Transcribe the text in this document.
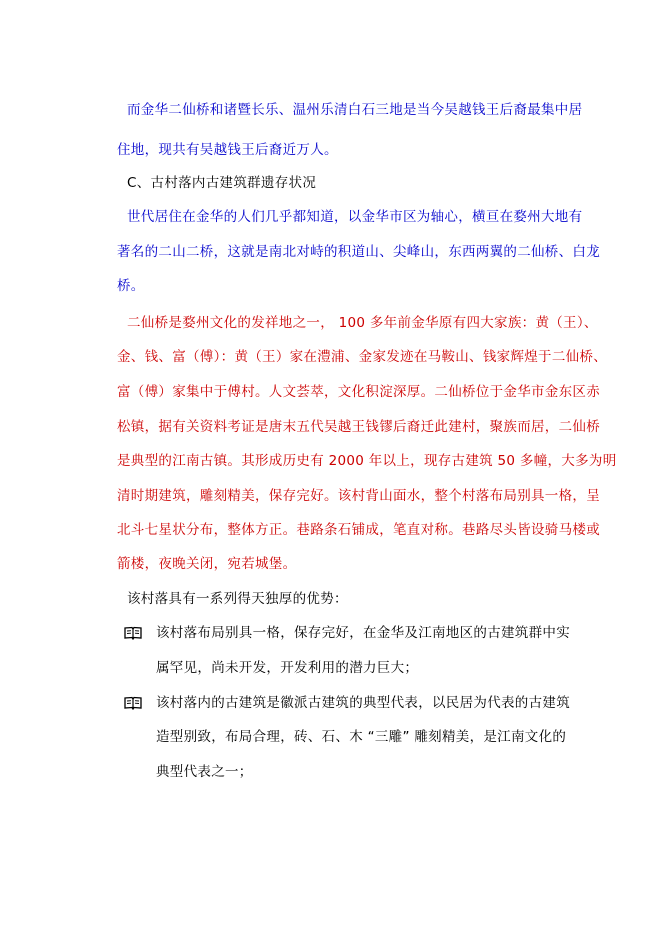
而金华二仙桥和诸暨长乐、温州乐清白石三地是当今吴越钱王后裔最集中居
住地，现共有吴越钱王后裔近万人。
C、古村落内古建筑群遗存状况
世代居住在金华的人们几乎都知道，以金华市区为轴心，横亘在婺州大地有
著名的二山二桥，这就是南北对峙的积道山、尖峰山，东西两翼的二仙桥、白龙
桥。
二仙桥是婺州文化的发祥地之一， 100 多年前金华原有四大家族：黄（王）、
金、钱、富（傅）：黄（王）家在澧浦、金家发迹在马鞍山、钱家辉煌于二仙桥、
富（傅）家集中于傅村。人文荟萃，文化积淀深厚。二仙桥位于金华市金东区赤
松镇，据有关资料考证是唐末五代吴越王钱镠后裔迁此建村，聚族而居，二仙桥
是典型的江南古镇。其形成历史有 2000 年以上，现存古建筑 50 多幢，大多为明
清时期建筑，雕刻精美，保存完好。该村背山面水，整个村落布局别具一格，呈
北斗七星状分布，整体方正。巷路条石铺成，笔直对称。巷路尽头皆设骑马楼或
箭楼，夜晚关闭，宛若城堡。
该村落具有一系列得天独厚的优势：
该村落布局别具一格，保存完好，在金华及江南地区的古建筑群中实
属罕见，尚未开发，开发利用的潜力巨大；
该村落内的古建筑是徽派古建筑的典型代表，以民居为代表的古建筑
造型别致，布局合理，砖、石、木 “三雕” 雕刻精美，是江南文化的
典型代表之一；
